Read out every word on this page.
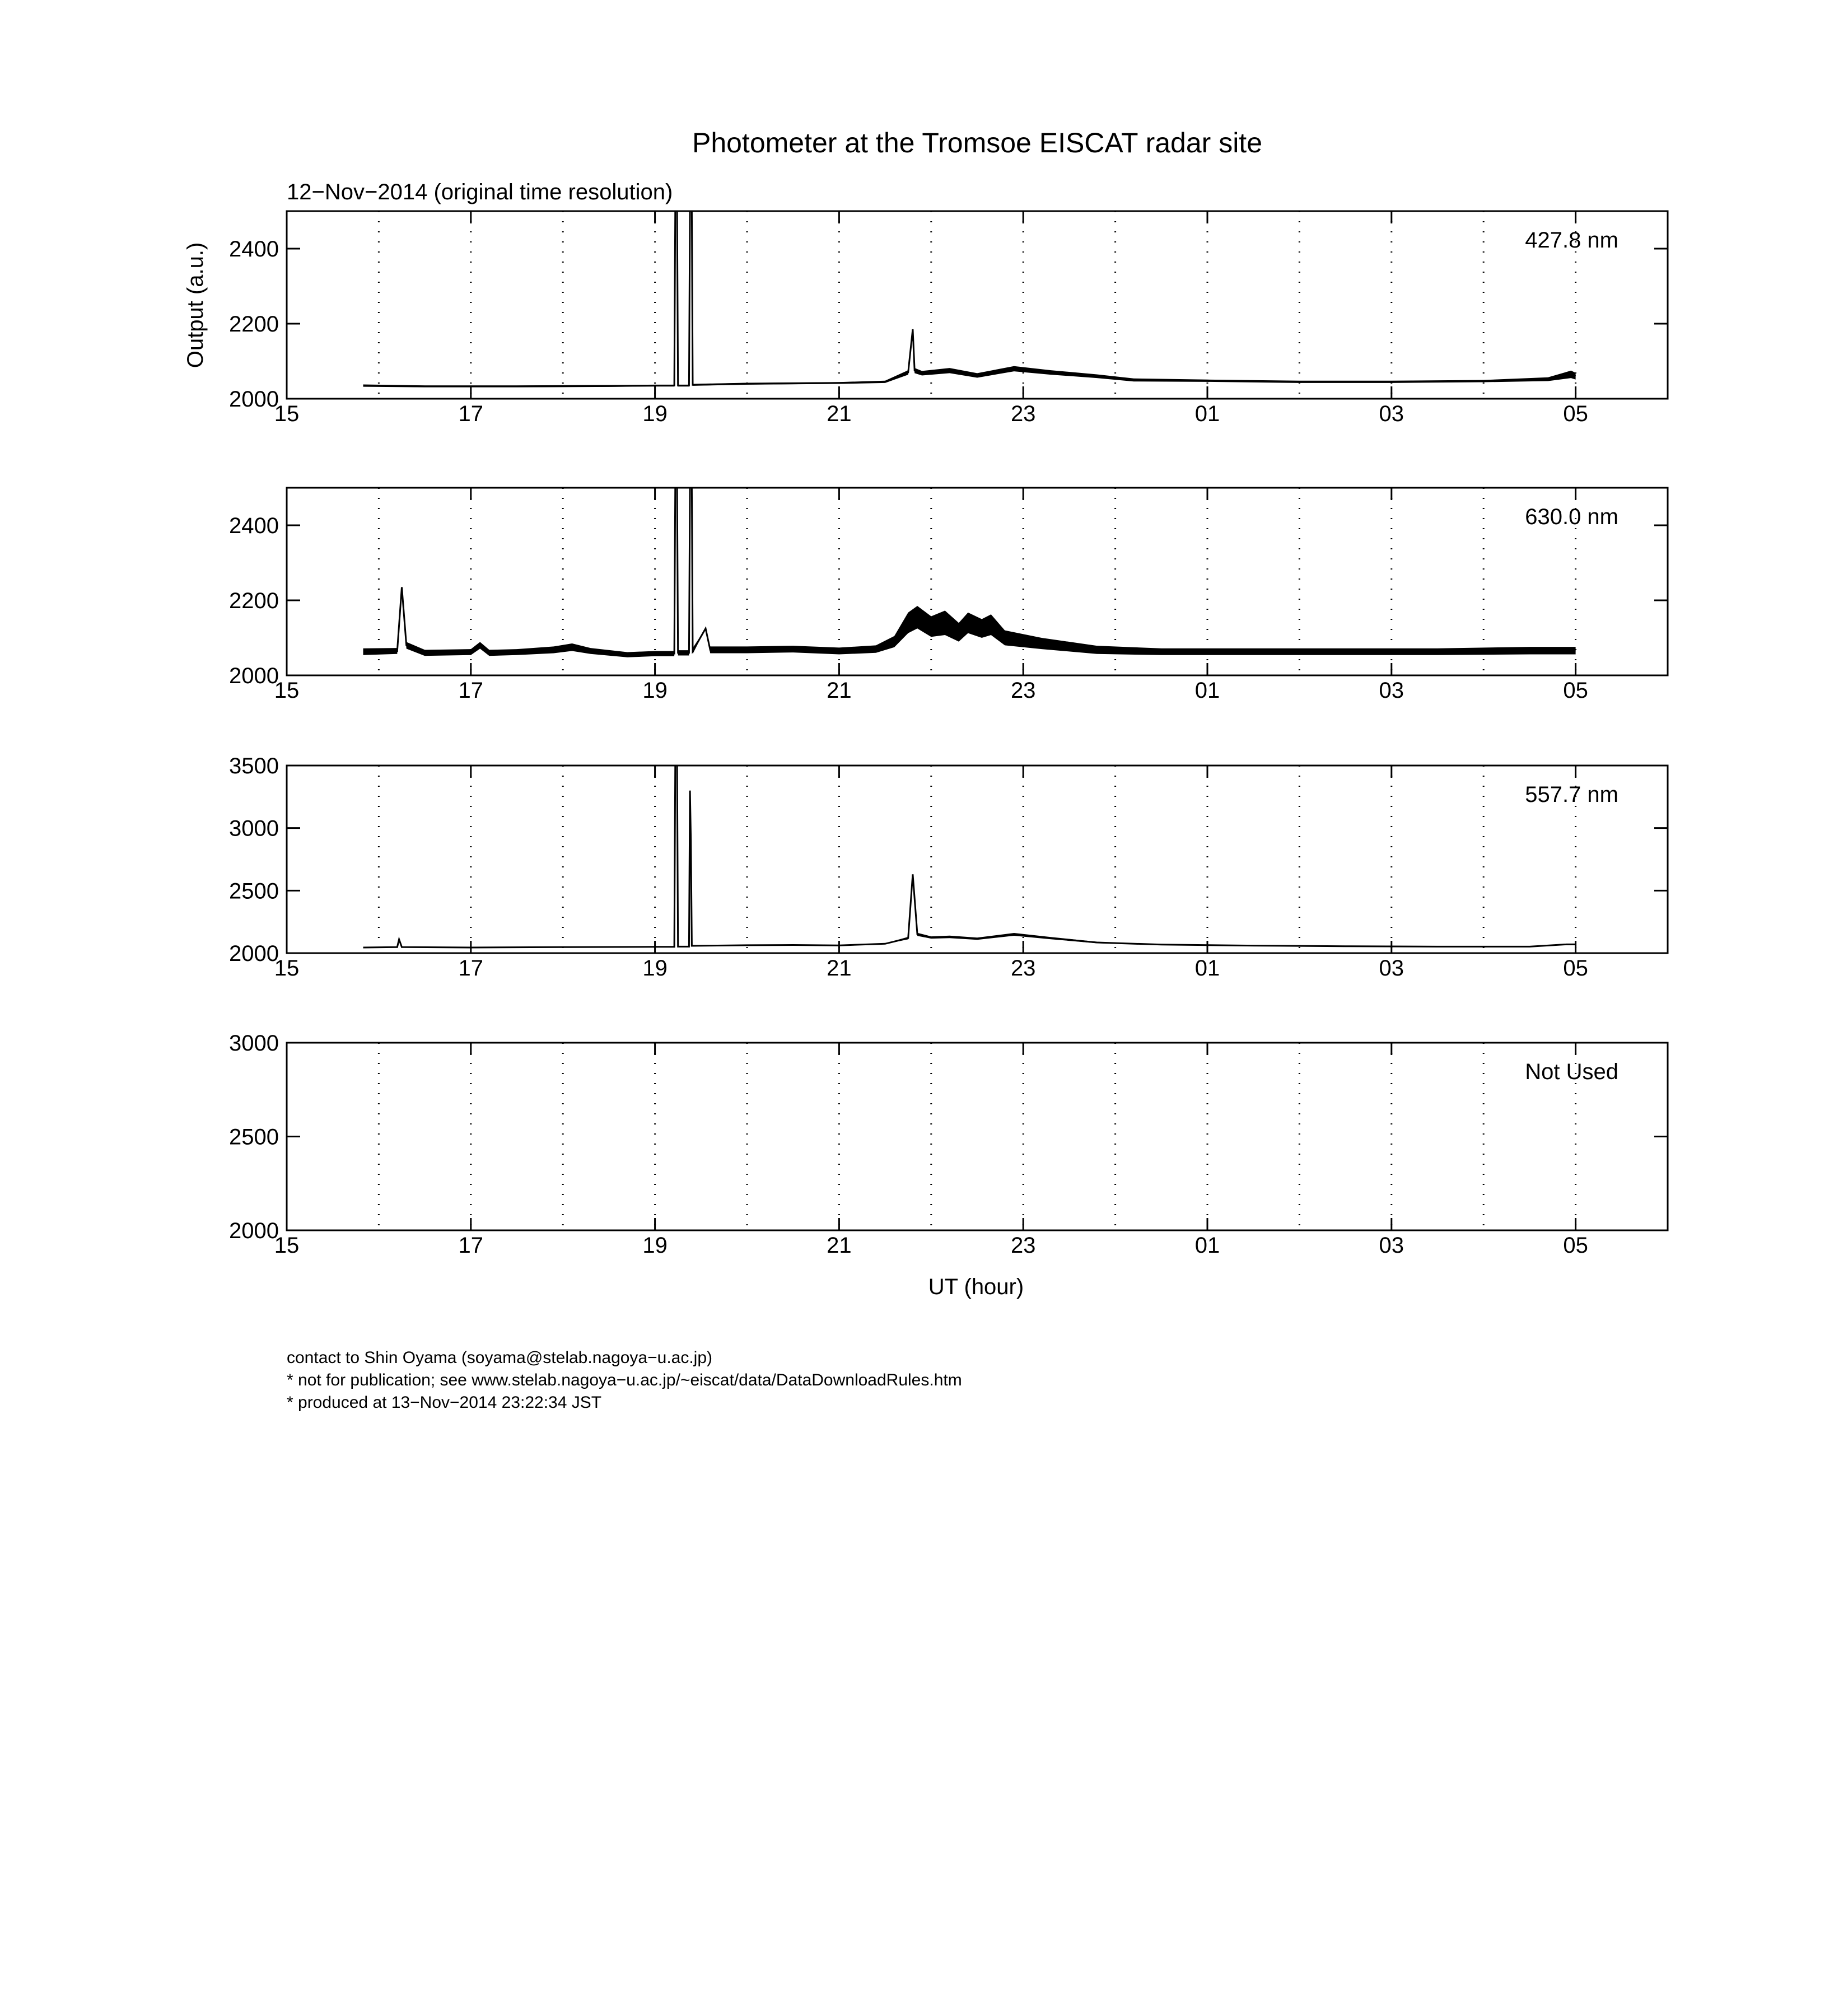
Photometer at the Tromsoe EISCAT radar site
12−Nov−2014 (original time resolution)
Output (a.u.)
UT (hour)
15	17	19	21	23	01	03	05
2000
2200
2400	427.8 nm
15	17	19	21	23	01	03	05
2000
2200
2400	630.0 nm
15	17	19	21	23	01	03	05
2000
2500
3000
3500
557.7 nm
15	17	19	21	23	01	03	05
2000
2500
3000
Not Used
contact to Shin Oyama (soyama@stelab.nagoya−u.ac.jp)
* not for publication; see www.stelab.nagoya−u.ac.jp/~eiscat/data/DataDownloadRules.htm
* produced at 13−Nov−2014 23:22:34 JST
